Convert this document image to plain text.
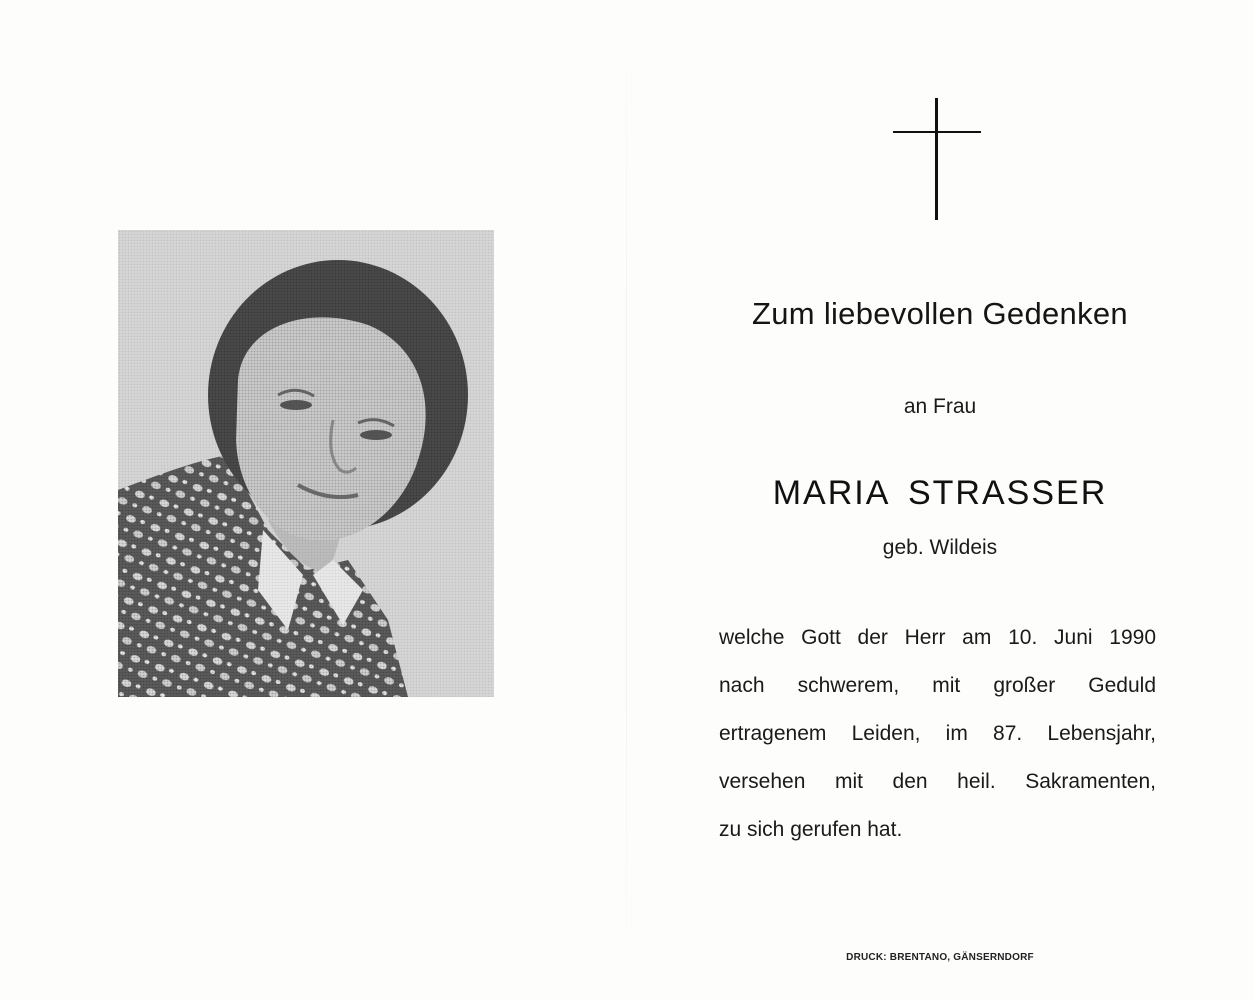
Zum liebevollen Gedenken
an Frau
MARIA STRASSER
geb. Wildeis
welche Gott der Herr am 10. Juni 1990
nach schwerem, mit großer Geduld
ertragenem Leiden, im 87. Lebensjahr,
versehen mit den heil. Sakramenten,
zu sich gerufen hat.
DRUCK: BRENTANO, GÄNSERNDORF
